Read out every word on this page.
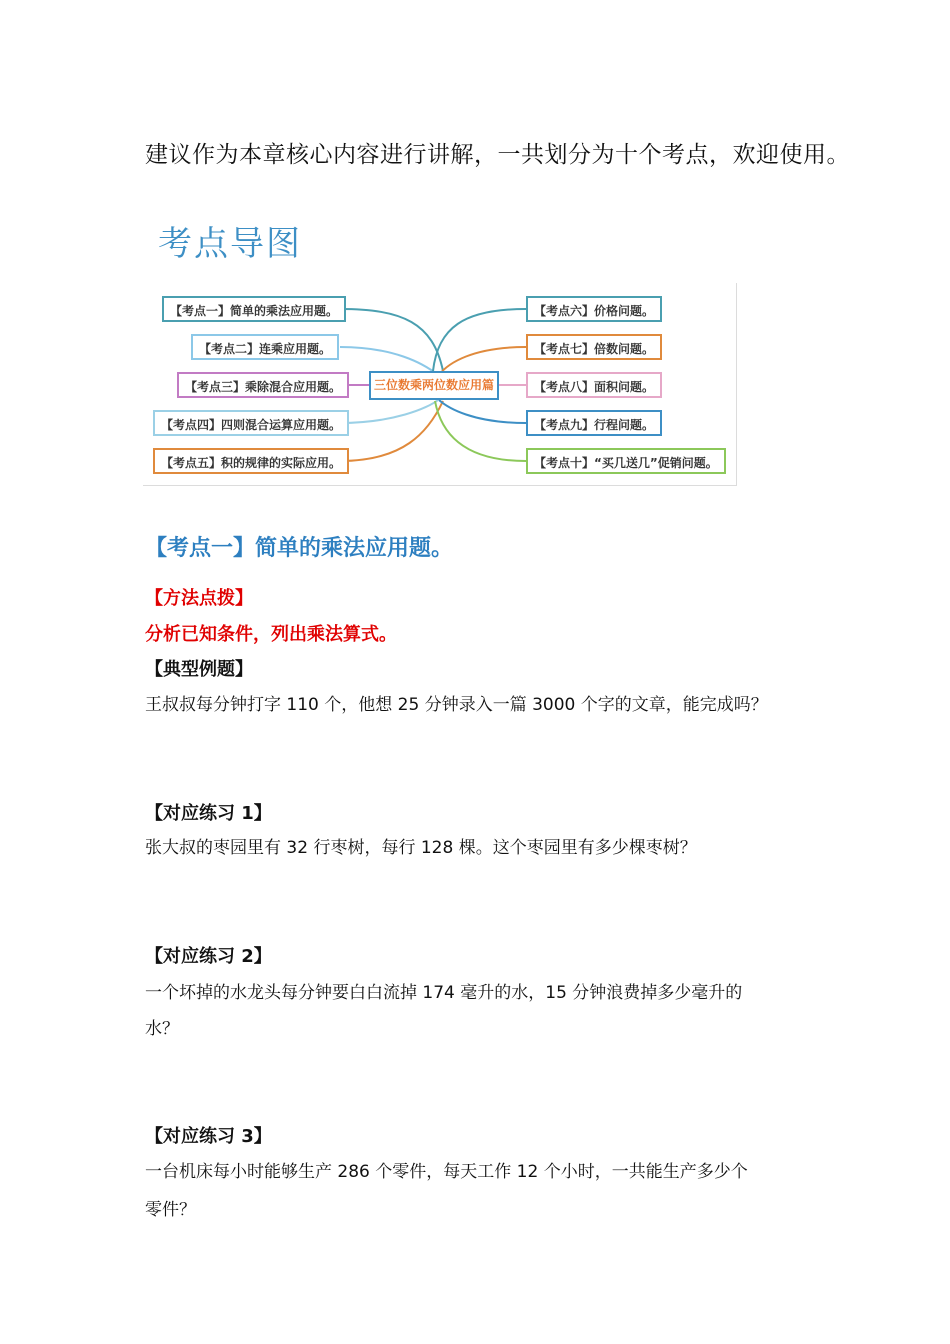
建议作为本章核心内容进行讲解，一共划分为十个考点，欢迎使用。
考点导图
【考点一】简单的乘法应用题。
【考点二】连乘应用题。
【考点三】乘除混合应用题。
【考点四】四则混合运算应用题。
【考点五】积的规律的实际应用。
三位数乘两位数应用篇
【考点六】价格问题。
【考点七】倍数问题。
【考点八】面积问题。
【考点九】行程问题。
【考点十】“买几送几”促销问题。
【考点一】简单的乘法应用题。
【方法点拨】
分析已知条件，列出乘法算式。
【典型例题】
王叔叔每分钟打字 110 个，他想 25 分钟录入一篇 3000 个字的文章，能完成吗？
【对应练习 1】
张大叔的枣园里有 32 行枣树，每行 128 棵。这个枣园里有多少棵枣树？
【对应练习 2】
一个坏掉的水龙头每分钟要白白流掉 174 毫升的水，15 分钟浪费掉多少毫升的
水？
【对应练习 3】
一台机床每小时能够生产 286 个零件，每天工作 12 个小时，一共能生产多少个
零件？
